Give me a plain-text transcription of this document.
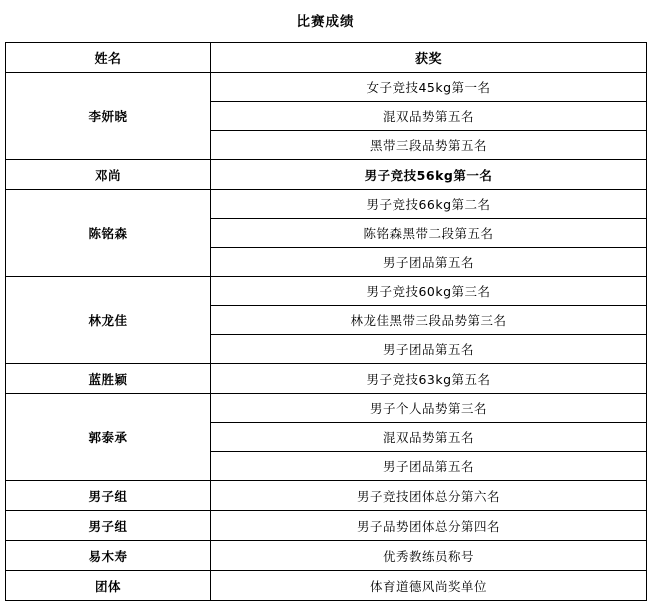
比赛成绩
姓名	获奖
李妍晓	
女子竞技45kg第一名
混双品势第五名
黑带三段品势第五名

邓尚	男子竞技56kg第一名
陈铭森	
男子竞技66kg第二名
陈铭森黑带二段第五名
男子团品第五名

林龙佳	
男子竞技60kg第三名
林龙佳黑带三段品势第三名
男子团品第五名

蓝胜颖	男子竞技63kg第五名
郭泰承	
男子个人品势第三名
混双品势第五名
男子团品第五名

男子组	男子竞技团体总分第六名
男子组	男子品势团体总分第四名
易木寿	优秀教练员称号
团体	体育道德风尚奖单位
